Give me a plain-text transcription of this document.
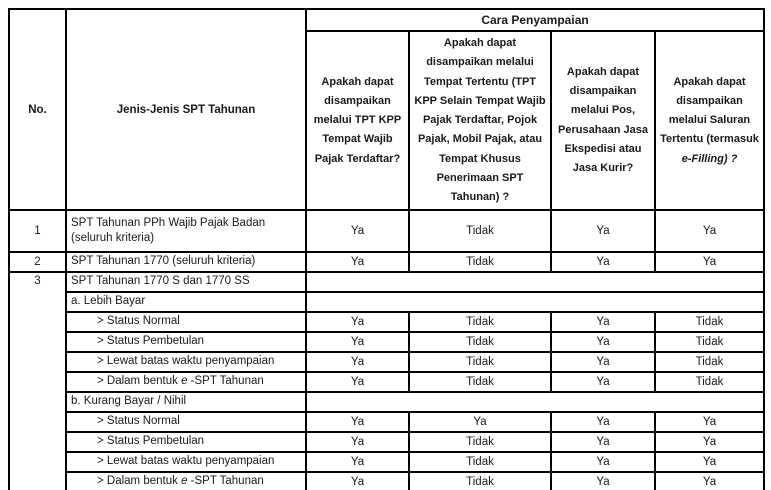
No.	Jenis-Jenis SPT Tahunan	Cara Penyampaian			
		Apakah dapat disampaikan melalui TPT KPP Tempat Wajib Pajak Terdaftar?	Apakah dapat disampaikan melalui Tempat Tertentu (TPT KPP Selain Tempat Wajib Pajak Terdaftar, Pojok Pajak, Mobil Pajak, atau Tempat Khusus Penerimaan SPT Tahunan) ?	Apakah dapat disampaikan melalui Pos, Perusahaan Jasa Ekspedisi atau Jasa Kurir?	Apakah dapat disampaikan melalui Saluran Tertentu (termasuk e-Filling) ?
1	SPT Tahunan PPh Wajib Pajak Badan (seluruh kriteria)	Ya	Tidak	Ya	Ya
2	SPT Tahunan 1770 (seluruh kriteria)	Ya	Tidak	Ya	Ya
3	SPT Tahunan 1770 S dan 1770 SS				
	a. Lebih Bayar				
	> Status Normal	Ya	Tidak	Ya	Tidak
	> Status Pembetulan	Ya	Tidak	Ya	Tidak
	> Lewat batas waktu penyampaian	Ya	Tidak	Ya	Tidak
	> Dalam bentuk e -SPT Tahunan	Ya	Tidak	Ya	Tidak
	b. Kurang Bayar / Nihil				
	> Status Normal	Ya	Ya	Ya	Ya
	> Status Pembetulan	Ya	Tidak	Ya	Ya
	> Lewat batas waktu penyampaian	Ya	Tidak	Ya	Ya
	> Dalam bentuk e -SPT Tahunan	Ya	Tidak	Ya	Ya
